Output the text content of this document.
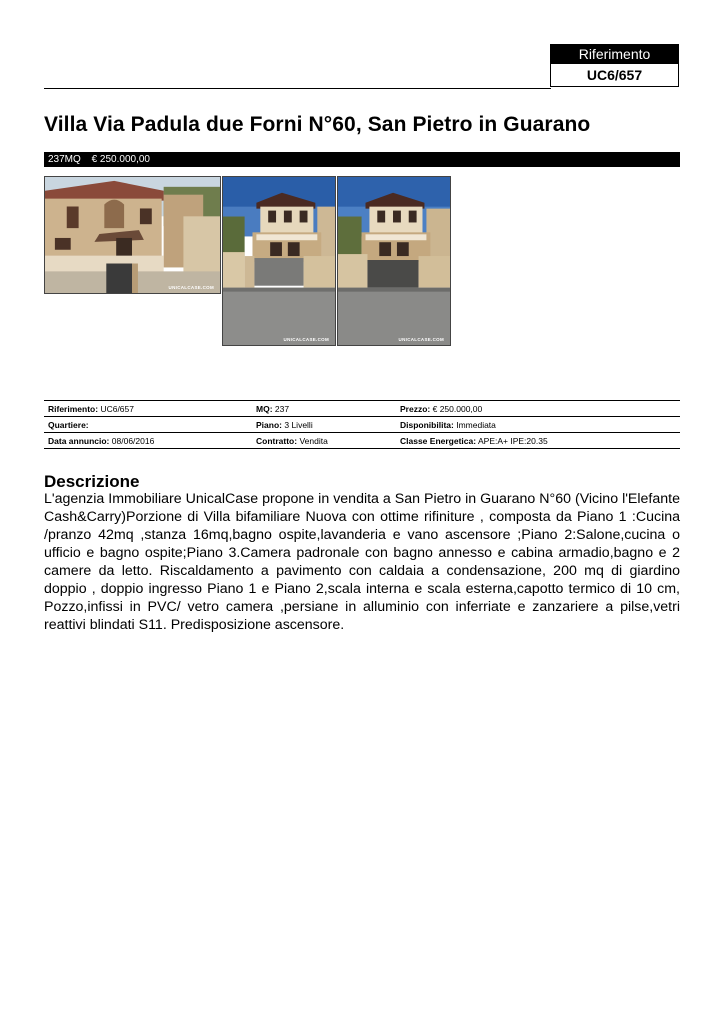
Riferimento
UC6/657
Villa Via Padula due Forni N°60, San Pietro in Guarano
237MQ € 250.000,00
UNICALCASE.COM
UNICALCASE.COM	UNICALCASE.COM
Riferimento: UC6/657	MQ: 237	Prezzo: € 250.000,00
Quartiere:	Piano: 3 Livelli	Disponibilita: Immediata
Data annuncio: 08/06/2016	Contratto: Vendita	Classe Energetica: APE:A+ IPE:20.35
Descrizione
L'agenzia Immobiliare UnicalCase propone in vendita a San Pietro in Guarano N°60 (Vicino l'Elefante Cash&Carry)Porzione di Villa bifamiliare Nuova con ottime rifiniture , composta da Piano 1 :Cucina /pranzo 42mq ,stanza 16mq,bagno ospite,lavanderia e vano ascensore ;Piano 2:Salone,cucina o ufficio e bagno ospite;Piano 3.Camera padronale con bagno annesso e cabina armadio,bagno e 2 camere da letto. Riscaldamento a pavimento con caldaia a condensazione, 200 mq di giardino doppio , doppio ingresso Piano 1 e Piano 2,scala interna e scala esterna,capotto termico di 10 cm, Pozzo,infissi in PVC/ vetro camera ,persiane in alluminio con inferriate e zanzariere a pilse,vetri reattivi blindati S11. Predisposizione ascensore.
